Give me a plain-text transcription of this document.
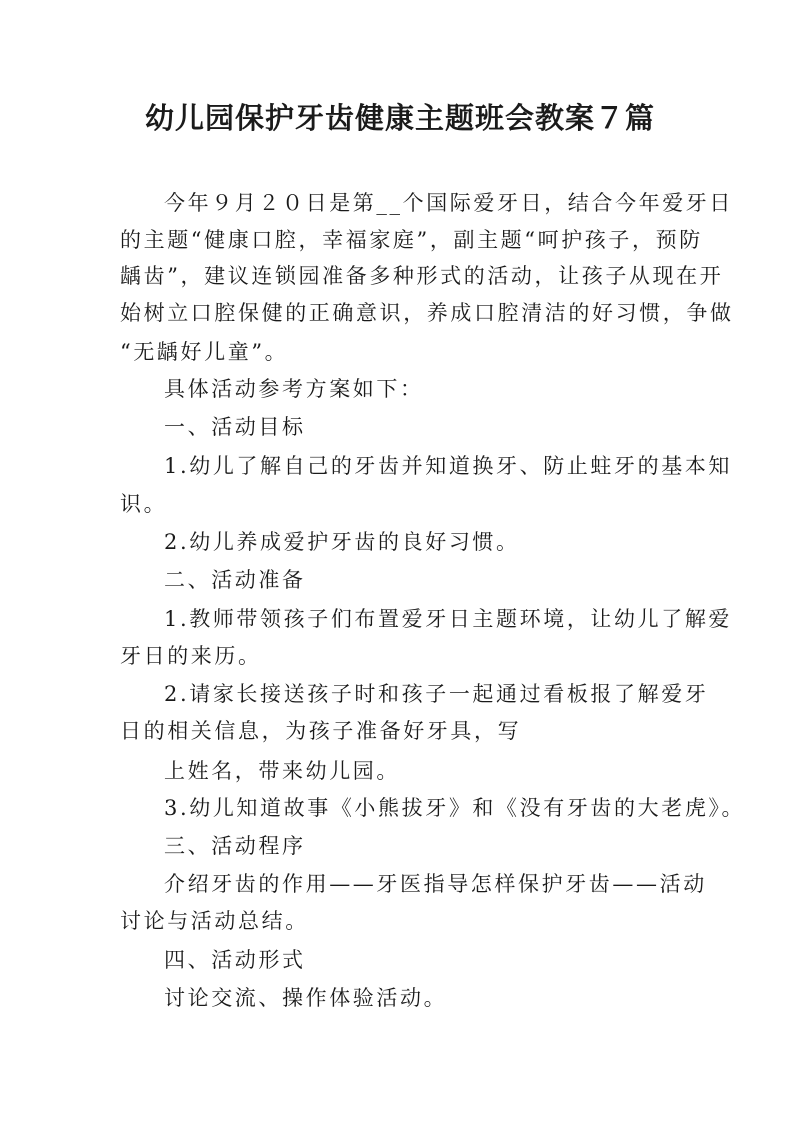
幼儿园保护牙齿健康主题班会教案７篇

今年９月２０日是第__个国际爱牙日，结合今年爱牙日

的主题“健康口腔，幸福家庭”，副主题“呵护孩子，预防

龋齿”，建议连锁园准备多种形式的活动，让孩子从现在开

始树立口腔保健的正确意识，养成口腔清洁的好习惯，争做

“无龋好儿童”。

具体活动参考方案如下：

一、活动目标

1.幼儿了解自己的牙齿并知道换牙、防止蛀牙的基本知

识。

2.幼儿养成爱护牙齿的良好习惯。

二、活动准备

1.教师带领孩子们布置爱牙日主题环境，让幼儿了解爱

牙日的来历。

2.请家长接送孩子时和孩子一起通过看板报了解爱牙

日的相关信息，为孩子准备好牙具，写

上姓名，带来幼儿园。

3.幼儿知道故事《小熊拔牙》和《没有牙齿的大老虎》。

三、活动程序

介绍牙齿的作用——牙医指导怎样保护牙齿——活动

讨论与活动总结。

四、活动形式

讨论交流、操作体验活动。
